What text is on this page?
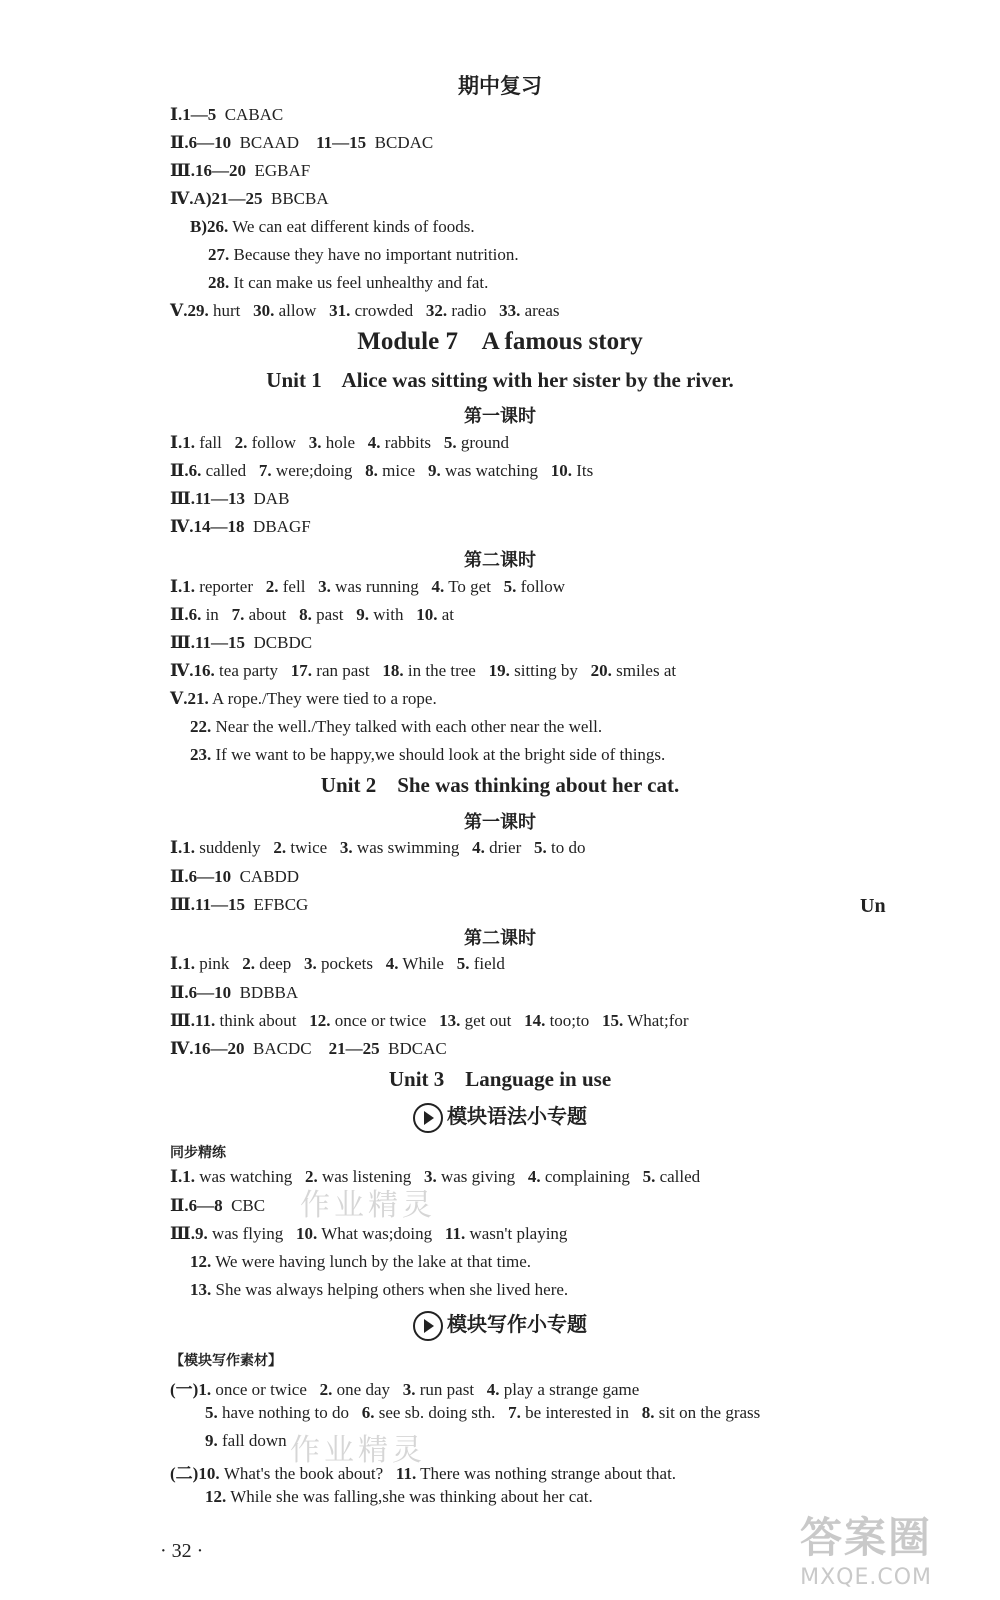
期中复习
Ⅰ.1—5 CABAC
Ⅱ.6—10 BCAAD 11—15 BCDAC
Ⅲ.16—20 EGBAF
Ⅳ.A)21—25 BBCBA
B)26. We can eat different kinds of foods.
27. Because they have no important nutrition.
28. It can make us feel unhealthy and fat.
Ⅴ.29. hurt 30. allow 31. crowded 32. radio 33. areas
Module 7    A famous story
Unit 1    Alice was sitting with her sister by the river.
第一课时
Ⅰ.1. fall 2. follow 3. hole 4. rabbits 5. ground
Ⅱ.6. called 7. were;doing 8. mice 9. was watching 10. Its
Ⅲ.11—13 DAB
Ⅳ.14—18 DBAGF
第二课时
Ⅰ.1. reporter 2. fell 3. was running 4. To get 5. follow
Ⅱ.6. in 7. about 8. past 9. with 10. at
Ⅲ.11—15 DCBDC
Ⅳ.16. tea party 17. ran past 18. in the tree 19. sitting by 20. smiles at
Ⅴ.21. A rope./They were tied to a rope.
22. Near the well./They talked with each other near the well.
23. If we want to be happy,we should look at the bright side of things.
Unit 2    She was thinking about her cat.
第一课时
Ⅰ.1. suddenly 2. twice 3. was swimming 4. drier 5. to do
Ⅱ.6—10 CABDD
Ⅲ.11—15 EFBCG	Un
第二课时
Ⅰ.1. pink 2. deep 3. pockets 4. While 5. field
Ⅱ.6—10 BDBBA
Ⅲ.11. think about 12. once or twice 13. get out 14. too;to 15. What;for
Ⅳ.16—20 BACDC 21—25 BDCAC
Unit 3    Language in use
模块语法小专题
同步精练
Ⅰ.1. was watching 2. was listening 3. was giving 4. complaining 5. called
Ⅱ.6—8 CBC
Ⅲ.9. was flying 10. What was;doing 11. wasn't playing
12. We were having lunch by the lake at that time.
13. She was always helping others when she lived here.
模块写作小专题
【模块写作素材】
(一)1. once or twice 2. one day 3. run past 4. play a strange game
5. have nothing to do 6. see sb. doing sth. 7. be interested in 8. sit on the grass
9. fall down
(二)10. What's the book about? 11. There was nothing strange about that.
12. While she was falling,she was thinking about her cat.
· 32 ·
作业精灵
作业精灵
答案圈
MXQE.COM
